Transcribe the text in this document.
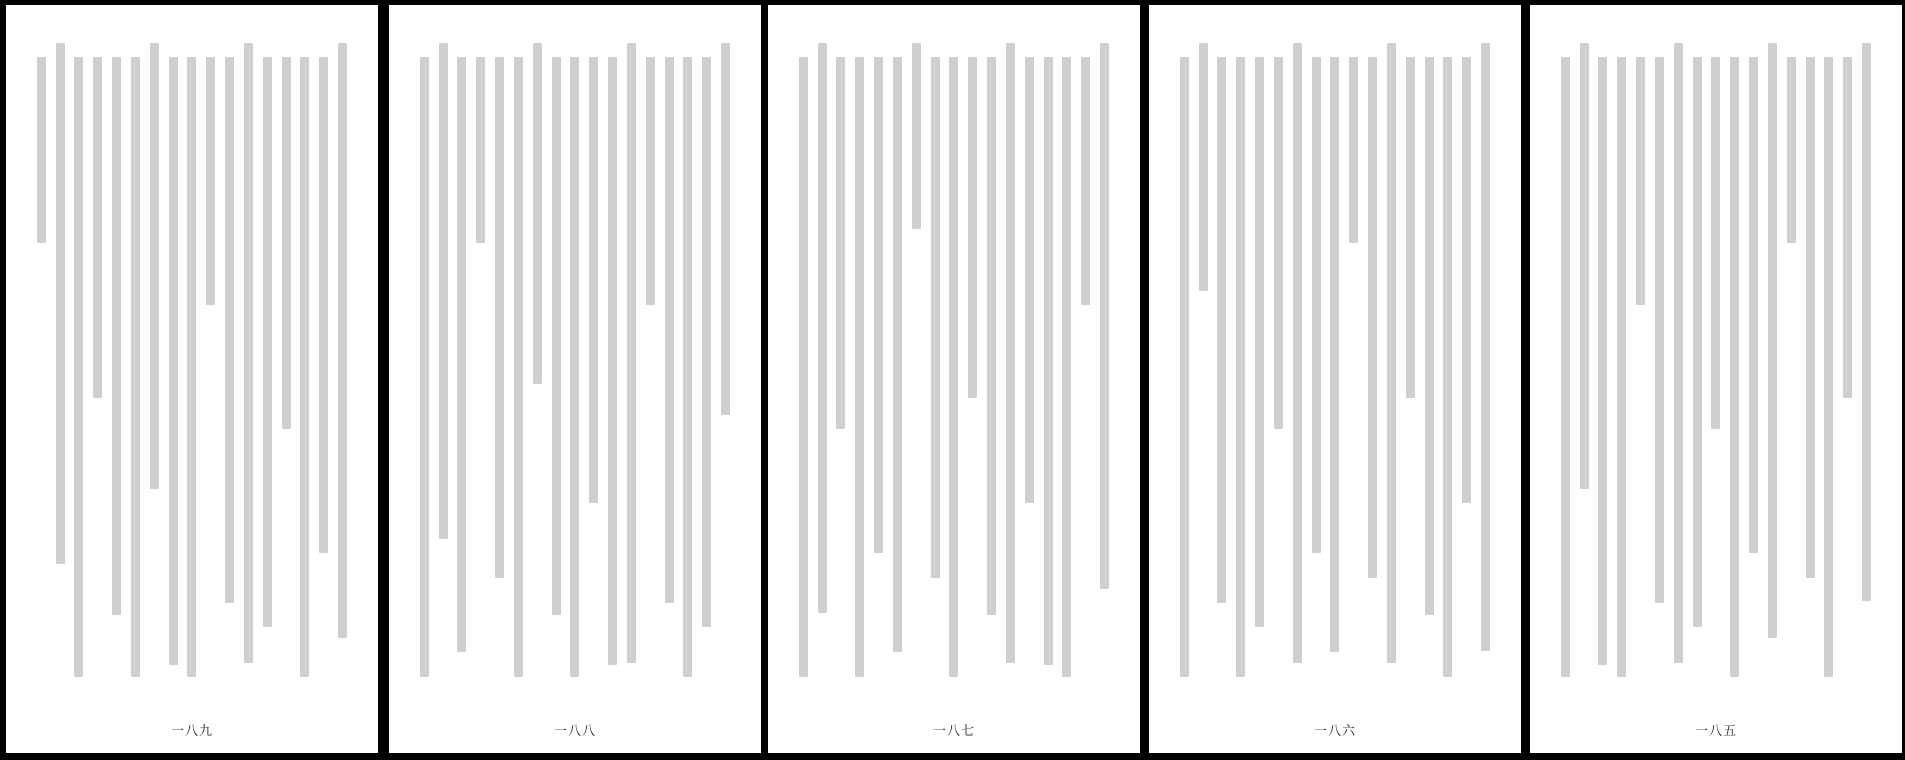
一八九	一八八	一八七	一八六	一八五
